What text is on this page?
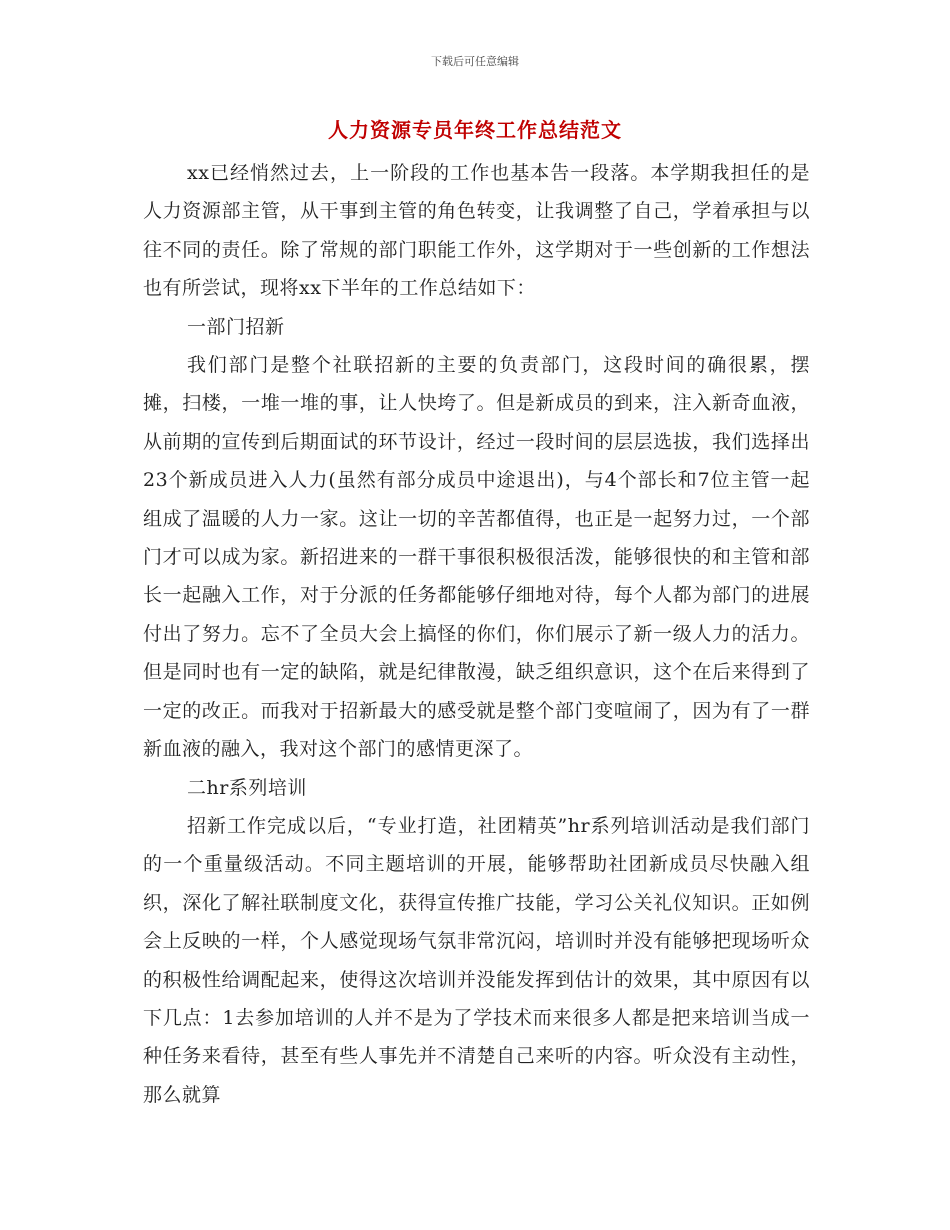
下载后可任意编辑
人力资源专员年终工作总结范文

xx已经悄然过去，上一阶段的工作也基本告一段落。本学期我担任的是人力资源部主管，从干事到主管的角色转变，让我调整了自己，学着承担与以往不同的责任。除了常规的部门职能工作外，这学期对于一些创新的工作想法也有所尝试，现将xx下半年的工作总结如下：

一部门招新

我们部门是整个社联招新的主要的负责部门，这段时间的确很累，摆摊，扫楼，一堆一堆的事，让人快垮了。但是新成员的到来，注入新奇血液，从前期的宣传到后期面试的环节设计，经过一段时间的层层选拔，我们选择出23个新成员进入人力(虽然有部分成员中途退出)，与4个部长和7位主管一起组成了温暖的人力一家。这让一切的辛苦都值得，也正是一起努力过，一个部门才可以成为家。新招进来的一群干事很积极很活泼，能够很快的和主管和部长一起融入工作，对于分派的任务都能够仔细地对待，每个人都为部门的进展付出了努力。忘不了全员大会上搞怪的你们，你们展示了新一级人力的活力。但是同时也有一定的缺陷，就是纪律散漫，缺乏组织意识，这个在后来得到了一定的改正。而我对于招新最大的感受就是整个部门变喧闹了，因为有了一群新血液的融入，我对这个部门的感情更深了。

二hr系列培训

招新工作完成以后，“专业打造，社团精英”hr系列培训活动是我们部门的一个重量级活动。不同主题培训的开展，能够帮助社团新成员尽快融入组织，深化了解社联制度文化，获得宣传推广技能，学习公关礼仪知识。正如例会上反映的一样，个人感觉现场气氛非常沉闷，培训时并没有能够把现场听众的积极性给调配起来，使得这次培训并没能发挥到估计的效果，其中原因有以下几点：1去参加培训的人并不是为了学技术而来很多人都是把来培训当成一种任务来看待，甚至有些人事先并不清楚自己来听的内容。听众没有主动性，那么就算
